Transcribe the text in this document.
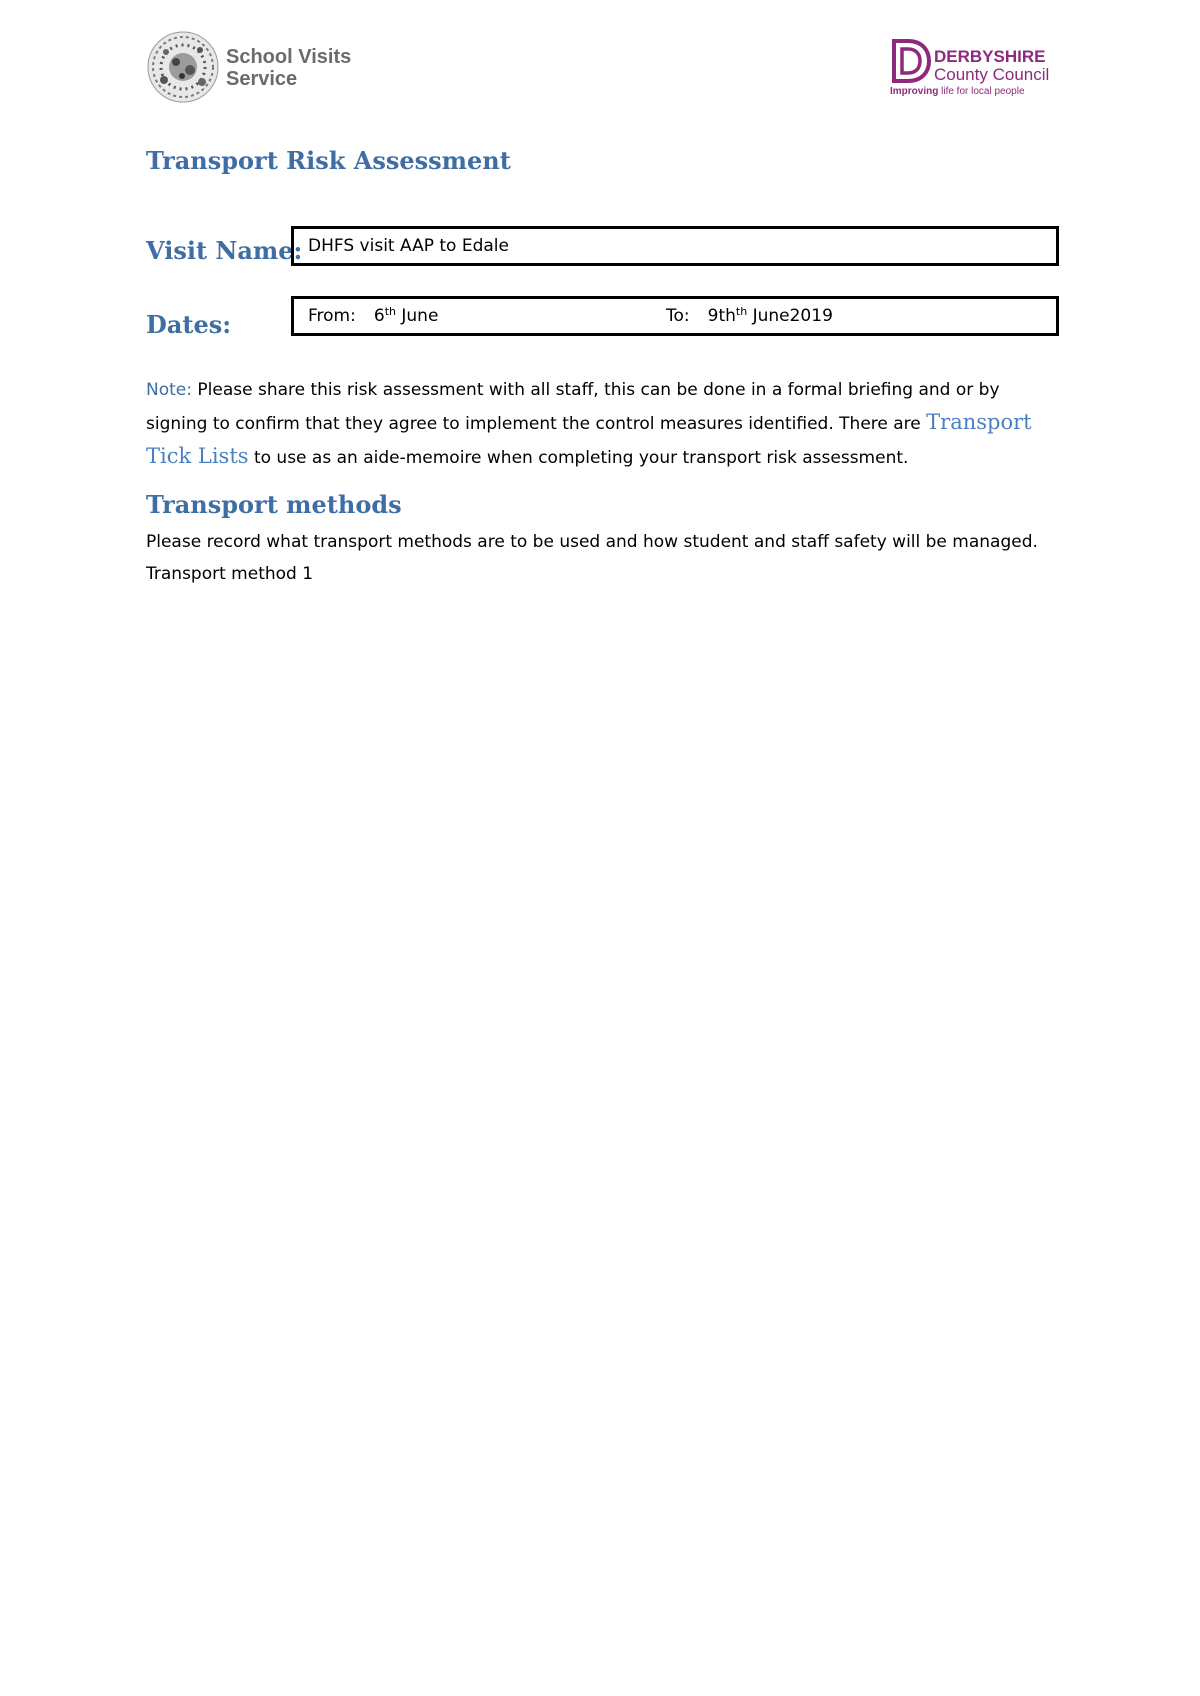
School Visits
Service
DERBYSHIRE
County Council
Improving life for local people
Transport Risk Assessment
Visit Name: DHFS visit AAP to Edale
Dates:	From: 6th June	To: $9th^{th}$ June2019

Note: Please share this risk assessment with all staff, this can be done in a formal briefing and or by signing to confirm that they agree to implement the control measures identified. There are Transport Tick Lists to use as an aide-memoire when completing your transport risk assessment.

Transport methods

Please record what transport methods are to be used and how student and staff safety will be managed. Transport method 1
